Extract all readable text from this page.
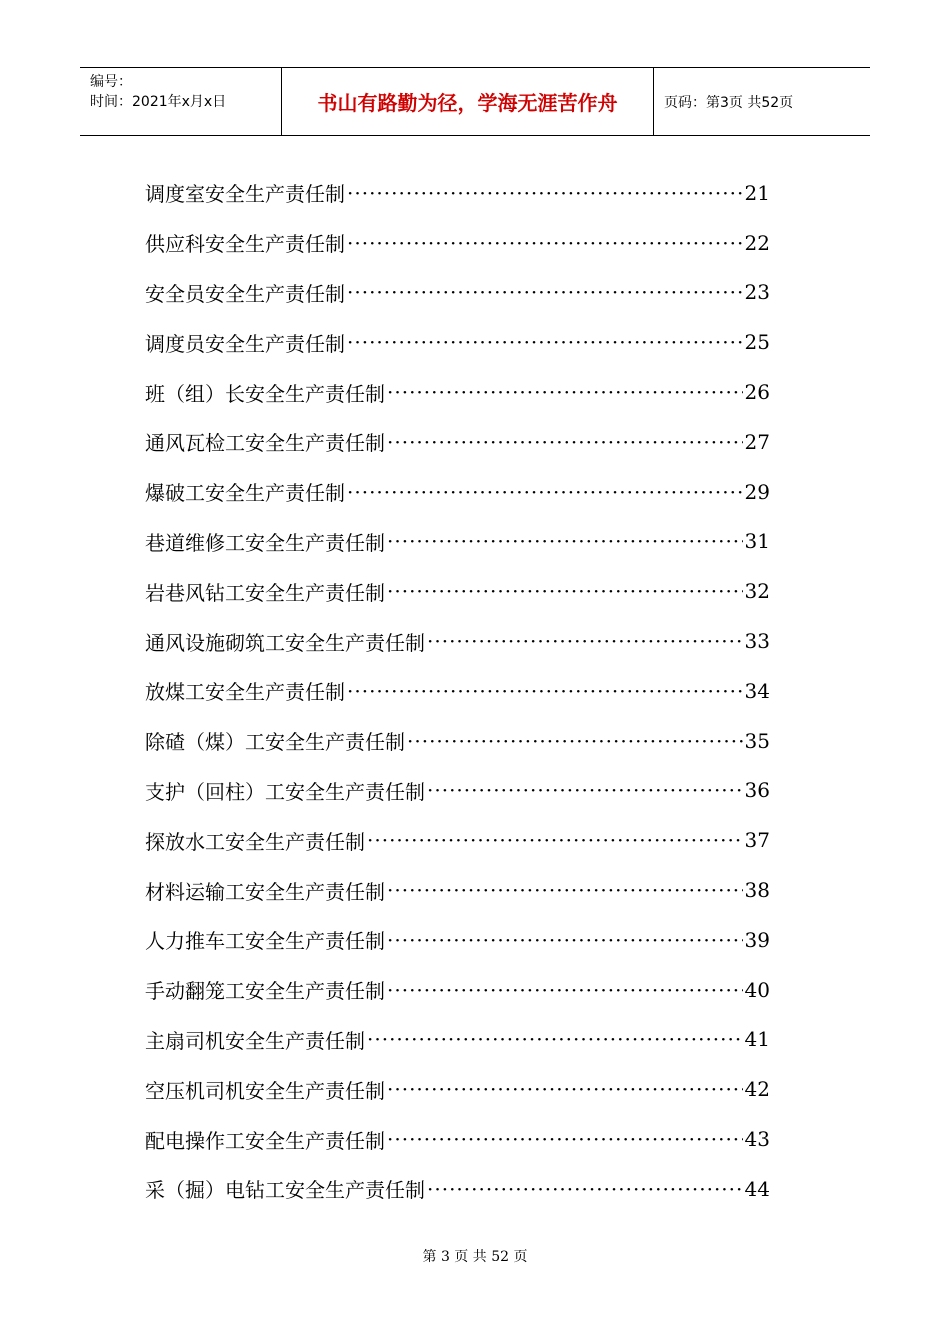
编号：
时间：2021年x月x日	书山有路勤为径，学海无涯苦作舟	页码：第3页 共52页
调度室安全生产责任制 ·····	21
供应科安全生产责任制 ·····	22
安全员安全生产责任制 ·····	23
调度员安全生产责任制 ·····	25
班（组）长安全生产责任制 ·····	26
通风瓦检工安全生产责任制 ·····	27
爆破工安全生产责任制 ·····	29
巷道维修工安全生产责任制 ·····	31
岩巷风钻工安全生产责任制 ·····	32
通风设施砌筑工安全生产责任制 ·····	33
放煤工安全生产责任制 ·····	34
除碴（煤）工安全生产责任制 ·····	35
支护（回柱）工安全生产责任制 ·····	36
探放水工安全生产责任制 ·····	37
材料运输工安全生产责任制 ·····	38
人力推车工安全生产责任制 ·····	39
手动翻笼工安全生产责任制 ·····	40
主扇司机安全生产责任制 ·····	41
空压机司机安全生产责任制 ·····	42
配电操作工安全生产责任制 ·····	43
采（掘）电钻工安全生产责任制 ·····	44
第 3 页 共 52 页
